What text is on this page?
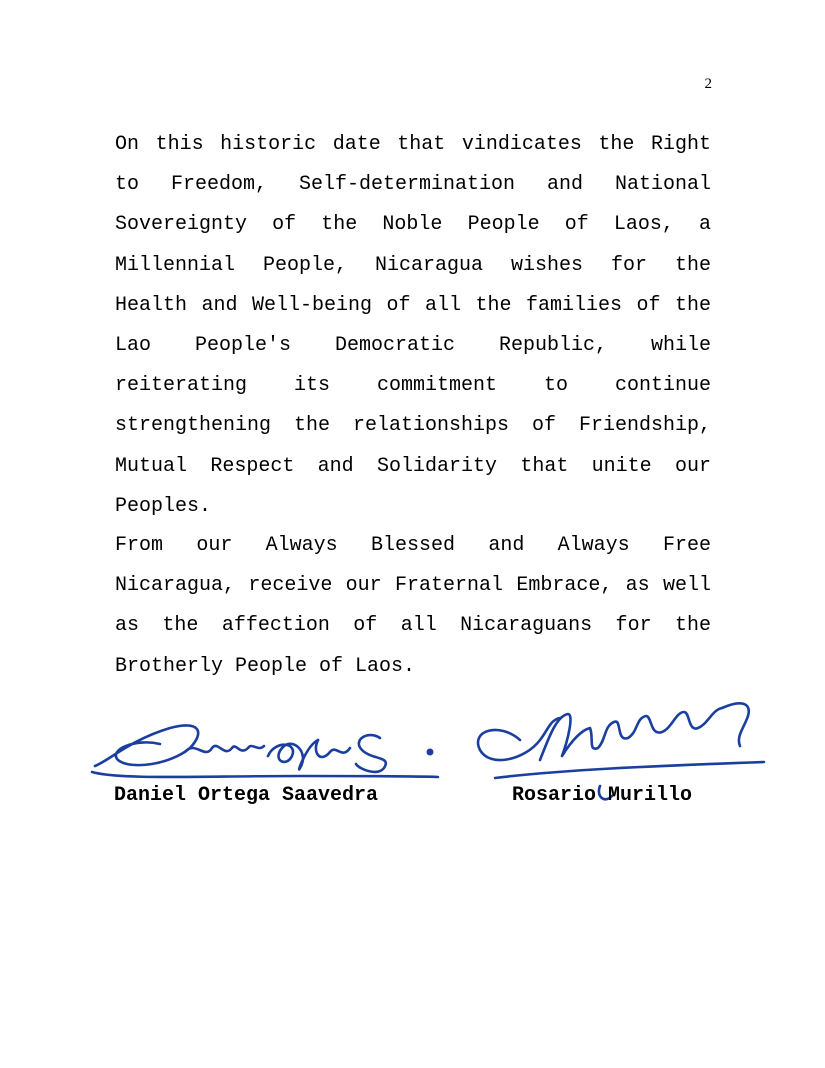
2

On this historic date that vindicates the Right to Freedom, Self-determination and National Sovereignty of the Noble People of Laos, a Millennial People, Nicaragua wishes for the Health and Well-being of all the families of the Lao People's Democratic Republic, while reiterating its commitment to continue strengthening the relationships of Friendship, Mutual Respect and Solidarity that unite our Peoples.

From our Always Blessed and Always Free Nicaragua, receive our Fraternal Embrace, as well as the affection of all Nicaraguans for the Brotherly People of Laos.

Daniel Ortega Saavedra	Rosario Murillo
